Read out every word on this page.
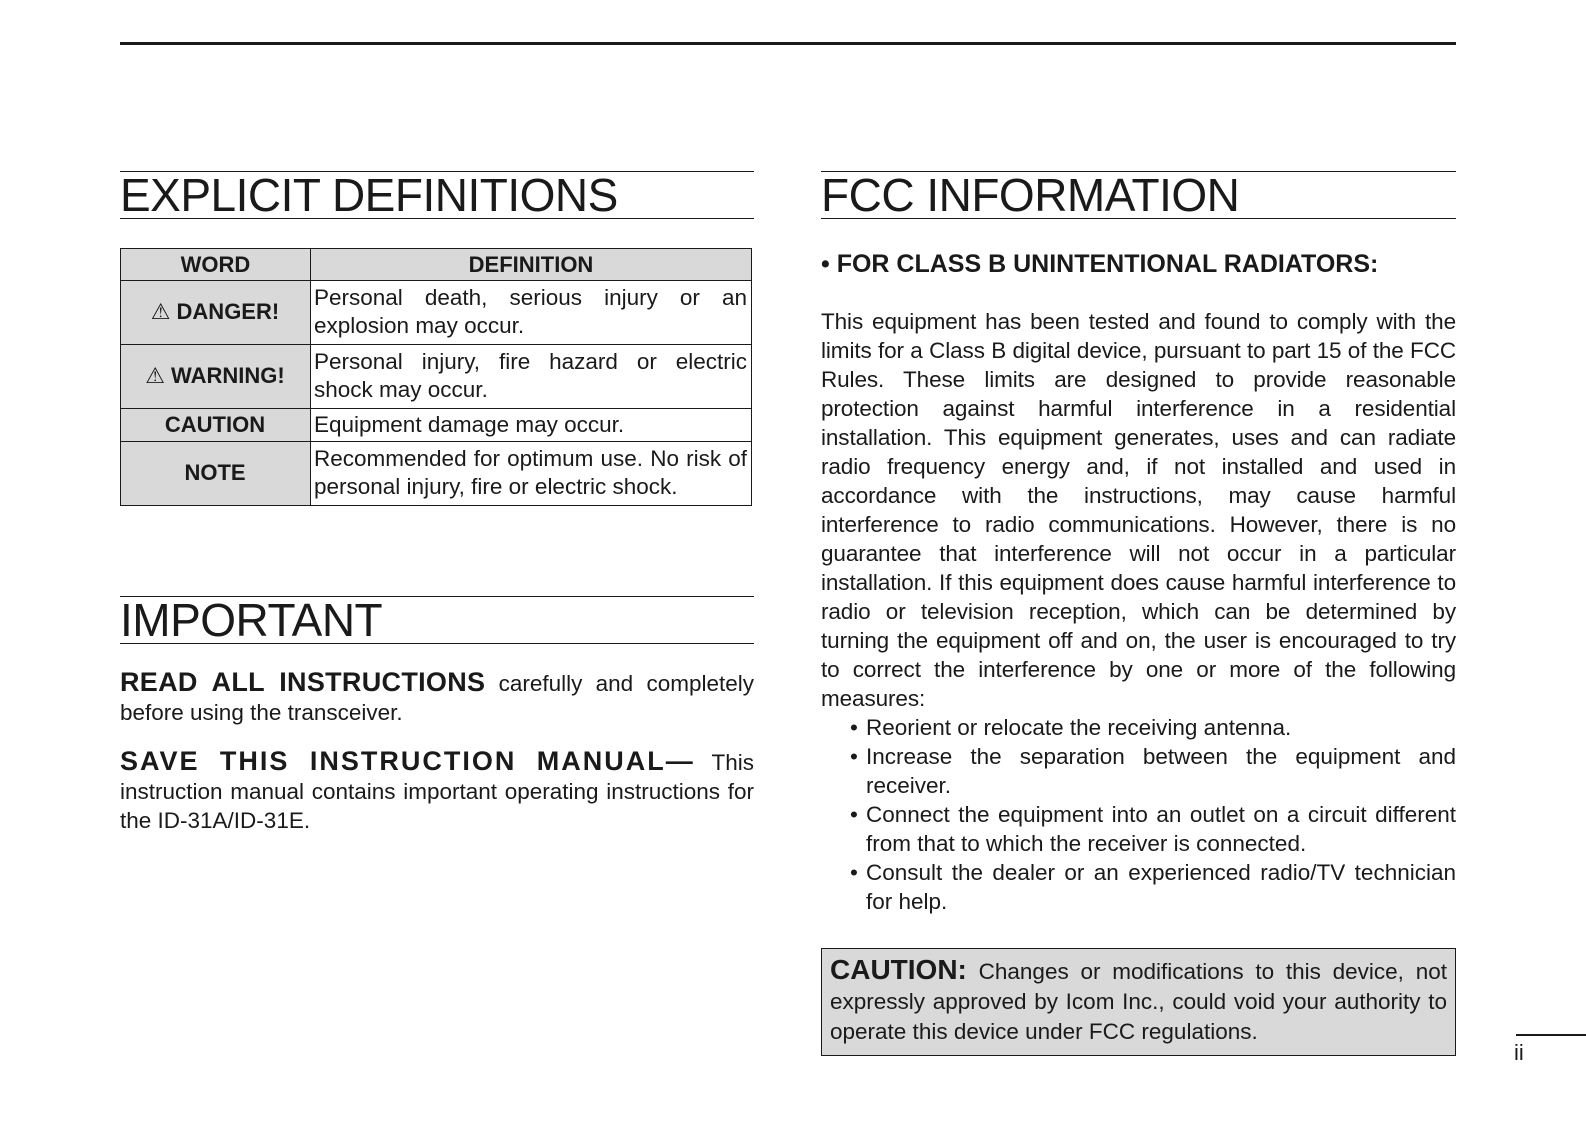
EXPLICIT DEFINITIONS
WORD	DEFINITION
⚠ DANGER!	Personal death, serious injury or an explosion may occur.
⚠ WARNING!	Personal injury, fire hazard or electric shock may occur.
CAUTION	Equipment damage may occur.
NOTE	Recommended for optimum use. No risk of personal injury, fire or electric shock.
IMPORTANT

READ ALL INSTRUCTIONS carefully and completely before using the transceiver.

SAVE THIS INSTRUCTION MANUAL— This instruction manual contains important operating instructions for the ID-31A/ID-31E.

FCC INFORMATION

• FOR CLASS B UNINTENTIONAL RADIATORS:

This equipment has been tested and found to comply with the limits for a Class B digital device, pursuant to part 15 of the FCC Rules. These limits are designed to provide reasonable protection against harmful interference in a residential installation. This equipment generates, uses and can radiate radio frequency energy and, if not installed and used in accordance with the instructions, may cause harmful interference to radio communications. However, there is no guarantee that interference will not occur in a particular installation. If this equipment does cause harmful interference to radio or television reception, which can be determined by turning the equipment off and on, the user is encouraged to try to correct the interference by one or more of the following measures:

• Reorient or relocate the receiving antenna.
• Increase the separation between the equipment and receiver.
• Connect the equipment into an outlet on a circuit different from that to which the receiver is connected.
• Consult the dealer or an experienced radio/TV technician for help.
CAUTION: Changes or modifications to this device, not expressly approved by Icom Inc., could void your authority to operate this device under FCC regulations.
ii
